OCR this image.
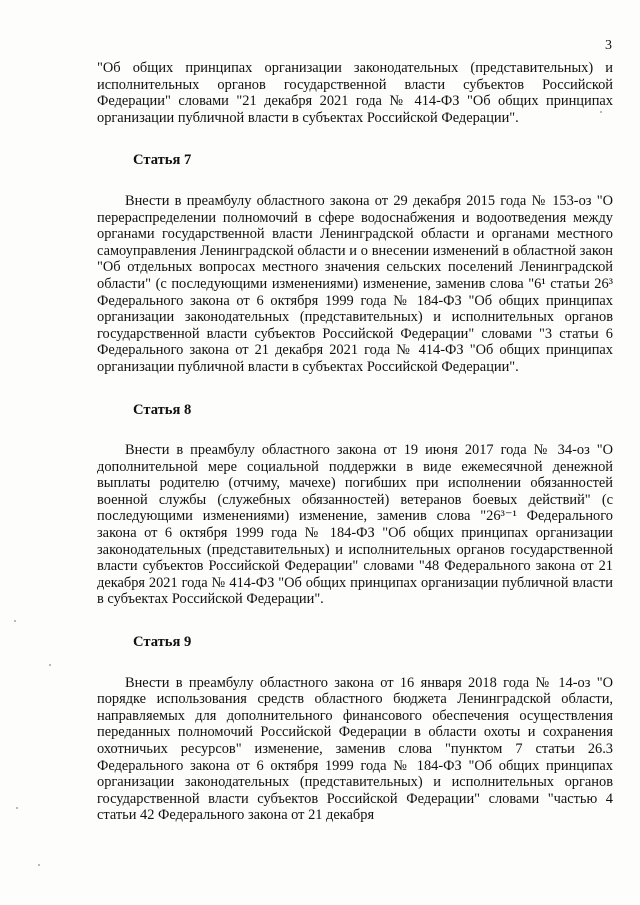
3

"Об общих принципах организации законодательных (представительных) и исполнительных органов государственной власти субъектов Российской Федерации" словами "21 декабря 2021 года № 414-ФЗ "Об общих принципах организации публичной власти в субъектах Российской Федерации".

Статья 7

Внести в преамбулу областного закона от 29 декабря 2015 года № 153-оз "О перераспределении полномочий в сфере водоснабжения и водоотведения между органами государственной власти Ленинградской области и органами местного самоуправления Ленинградской области и о внесении изменений в областной закон "Об отдельных вопросах местного значения сельских поселений Ленинградской области" (с последующими изменениями) изменение, заменив слова "6¹ статьи 26³ Федерального закона от 6 октября 1999 года № 184-ФЗ "Об общих принципах организации законодательных (представительных) и исполнительных органов государственной власти субъектов Российской Федерации" словами "3 статьи 6 Федерального закона от 21 декабря 2021 года № 414-ФЗ "Об общих принципах организации публичной власти в субъектах Российской Федерации".

Статья 8

Внести в преамбулу областного закона от 19 июня 2017 года № 34-оз "О дополнительной мере социальной поддержки в виде ежемесячной денежной выплаты родителю (отчиму, мачехе) погибших при исполнении обязанностей военной службы (служебных обязанностей) ветеранов боевых действий" (с последующими изменениями) изменение, заменив слова "26³⁻¹ Федерального закона от 6 октября 1999 года № 184-ФЗ "Об общих принципах организации законодательных (представительных) и исполнительных органов государственной власти субъектов Российской Федерации" словами "48 Федерального закона от 21 декабря 2021 года № 414-ФЗ "Об общих принципах организации публичной власти в субъектах Российской Федерации".

Статья 9

Внести в преамбулу областного закона от 16 января 2018 года № 14-оз "О порядке использования средств областного бюджета Ленинградской области, направляемых для дополнительного финансового обеспечения осуществления переданных полномочий Российской Федерации в области охоты и сохранения охотничьих ресурсов" изменение, заменив слова "пунктом 7 статьи 26.3 Федерального закона от 6 октября 1999 года № 184-ФЗ "Об общих принципах организации законодательных (представительных) и исполнительных органов государственной власти субъектов Российской Федерации" словами "частью 4 статьи 42 Федерального закона от 21 декабря
